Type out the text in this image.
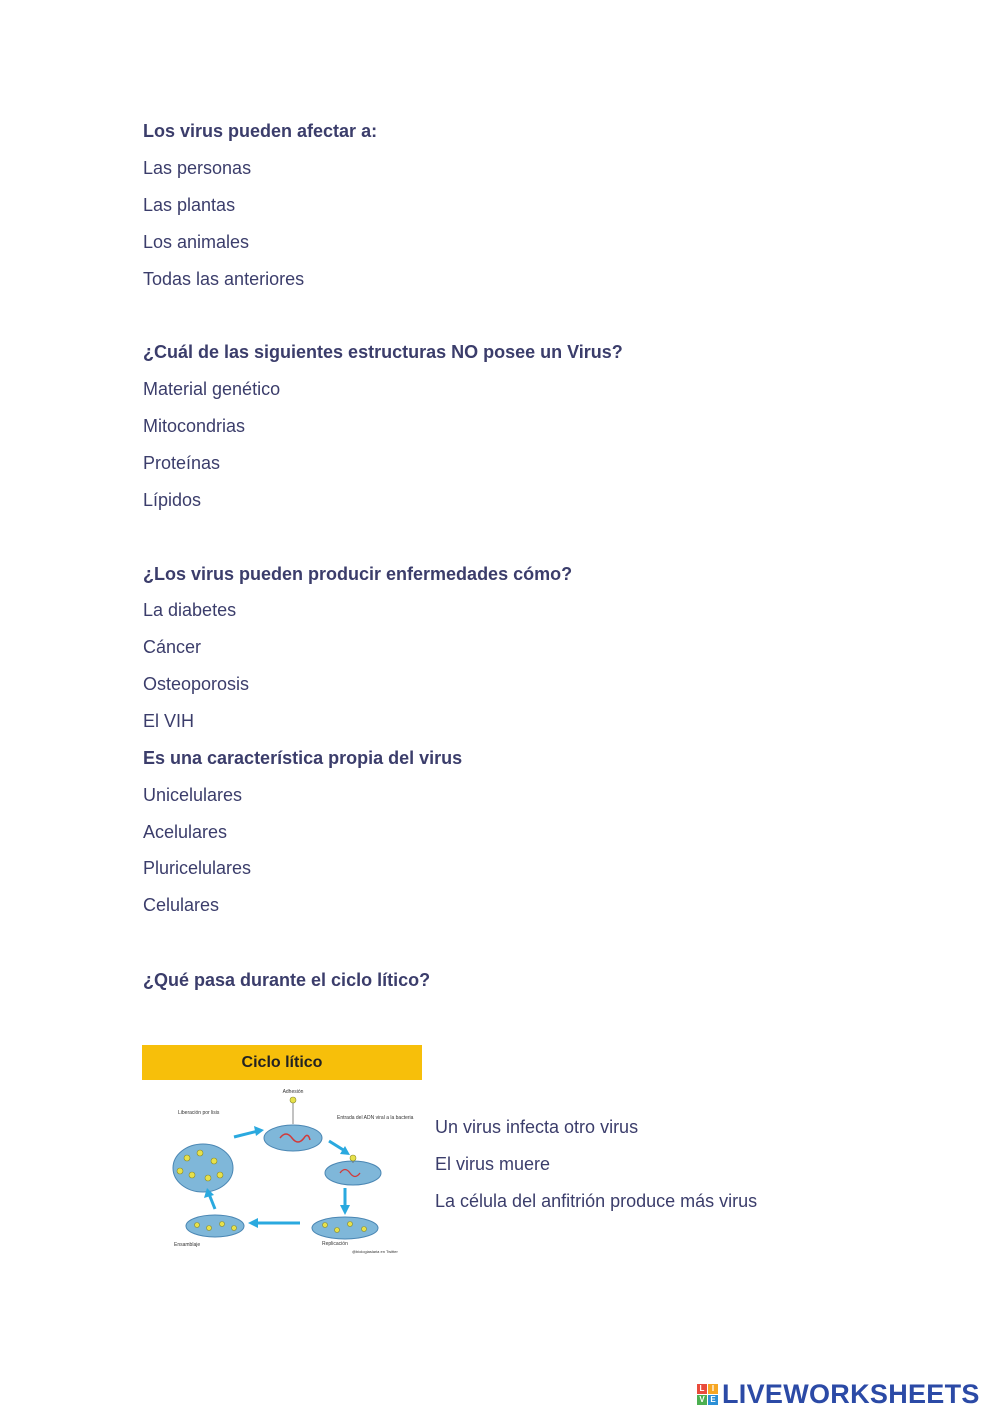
Los virus pueden afectar a:
Las personas
Las plantas
Los animales
Todas las anteriores
¿Cuál de las siguientes estructuras NO posee un Virus?
Material genético
Mitocondrias
Proteínas
Lípidos
¿Los virus pueden producir enfermedades cómo?
La diabetes
Cáncer
Osteoporosis
El VIH
Es una característica propia del virus
Unicelulares
Acelulares
Pluricelulares
Celulares
¿Qué pasa durante el ciclo lítico?
Ciclo lítico
Adhesión
Liberación por lisis
Entrada del ADN viral a la bacteria
Ensamblaje	Replicación
@biologiaslaria en Twitter
Un virus infecta otro virus
El virus muere
La célula del anfitrión produce más virus
L I
V E LIVEWORKSHEETS
